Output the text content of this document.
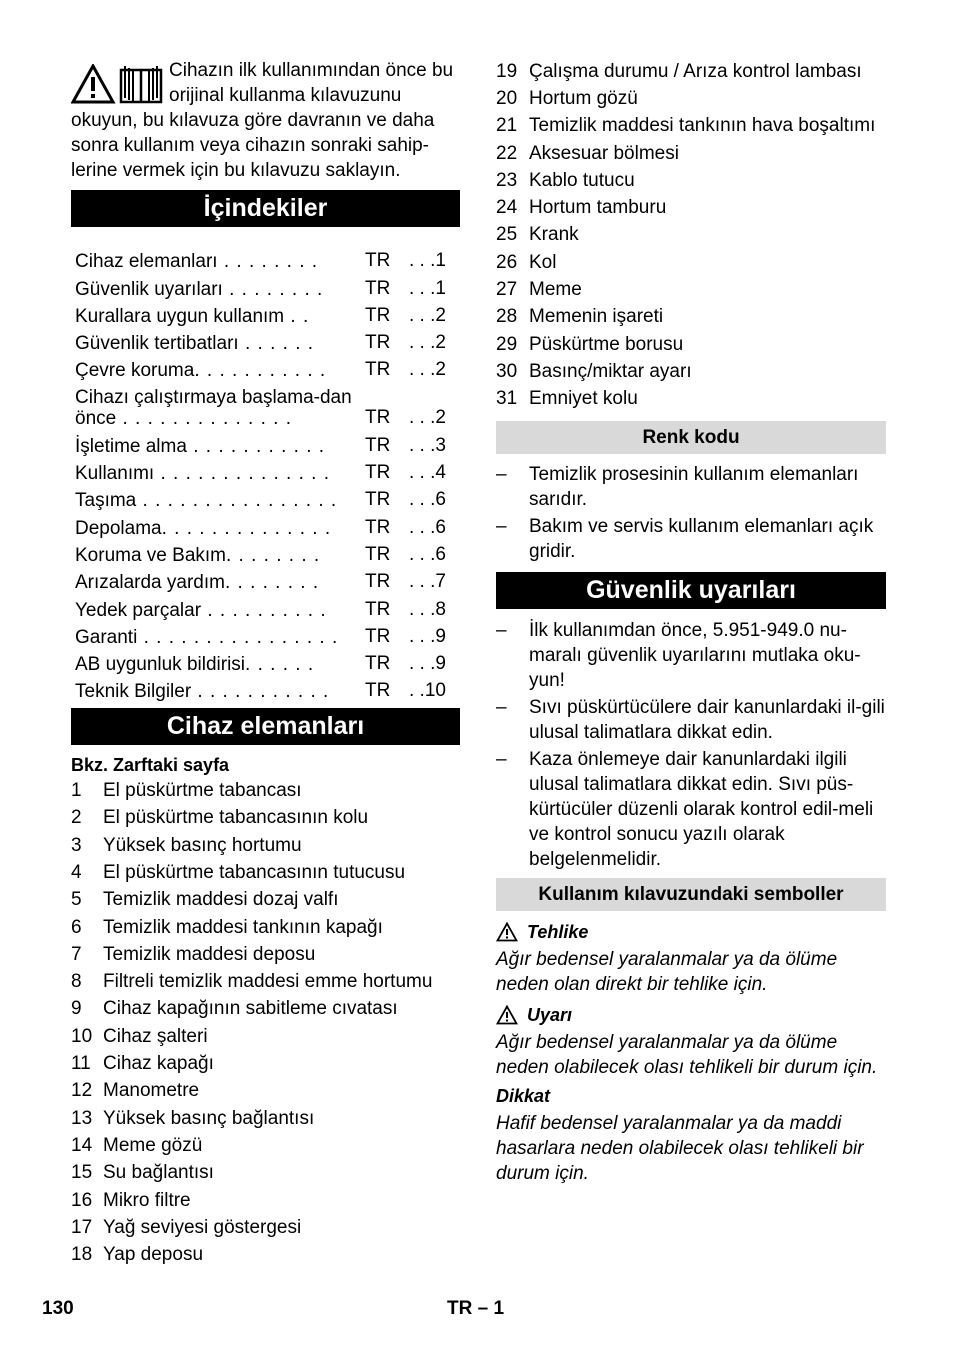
Cihazın ilk kullanımından önce bu orijinal kullanma kılavuzunu okuyun, bu kılavuza göre davranın ve daha sonra kullanım veya cihazın sonraki sahip-lerine vermek için bu kılavuzu saklayın.
İçindekiler
Cihaz elemanları . . . . . . . .	TR . . .1
Güvenlik uyarıları . . . . . . . .	TR . . .1
Kurallara uygun kullanım . .	TR . . .2
Güvenlik tertibatları . . . . . .	TR . . .2
Çevre koruma. . . . . . . . . . .	TR . . .2
Cihazı çalıştırmaya başlama-dan önce . . . . . . . . . . . . . .	TR . . .2
İşletime alma . . . . . . . . . . .	TR . . .3
Kullanımı . . . . . . . . . . . . . .	TR . . .4
Taşıma . . . . . . . . . . . . . . . .	TR . . .6
Depolama. . . . . . . . . . . . . .	TR . . .6
Koruma ve Bakım. . . . . . . .	TR . . .6
Arızalarda yardım. . . . . . . .	TR . . .7
Yedek parçalar . . . . . . . . . .	TR . . .8
Garanti . . . . . . . . . . . . . . . .	TR . . .9
AB uygunluk bildirisi. . . . . .	TR . . .9
Teknik Bilgiler . . . . . . . . . . .	TR . .10
Cihaz elemanları
Bkz. Zarftaki sayfa
1	El püskürtme tabancası
2	El püskürtme tabancasının kolu
3	Yüksek basınç hortumu
4	El püskürtme tabancasının tutucusu
5	Temizlik maddesi dozaj valfı
6	Temizlik maddesi tankının kapağı
7	Temizlik maddesi deposu
8	Filtreli temizlik maddesi emme hortumu
9	Cihaz kapağının sabitleme cıvatası
10 Cihaz şalteri
11 Cihaz kapağı
12 Manometre
13 Yüksek basınç bağlantısı
14 Meme gözü
15 Su bağlantısı
16 Mikro filtre
17 Yağ seviyesi göstergesi
18 Yap deposu
19 Çalışma durumu / Arıza kontrol lambası
20 Hortum gözü
21 Temizlik maddesi tankının hava boşaltımı
22 Aksesuar bölmesi
23 Kablo tutucu
24 Hortum tamburu
25 Krank
26 Kol
27 Meme
28 Memenin işareti
29 Püskürtme borusu
30 Basınç/miktar ayarı
31 Emniyet kolu
Renk kodu
–	Temizlik prosesinin kullanım elemanları sarıdır.
–	Bakım ve servis kullanım elemanları açık gridir.
Güvenlik uyarıları
–	İlk kullanımdan önce, 5.951-949.0 nu-maralı güvenlik uyarılarını mutlaka oku-yun!
–	Sıvı püskürtücülere dair kanunlardaki il-gili ulusal talimatlara dikkat edin.
–	Kaza önlemeye dair kanunlardaki ilgili ulusal talimatlara dikkat edin. Sıvı püs-kürtücüler düzenli olarak kontrol edil-meli ve kontrol sonucu yazılı olarak belgelenmelidir.
Kullanım kılavuzundaki semboller
Tehlike
Ağır bedensel yaralanmalar ya da ölüme neden olan direkt bir tehlike için.
Uyarı
Ağır bedensel yaralanmalar ya da ölüme neden olabilecek olası tehlikeli bir durum için.
Dikkat
Hafif bedensel yaralanmalar ya da maddi hasarlara neden olabilecek olası tehlikeli bir durum için.
130	TR – 1
